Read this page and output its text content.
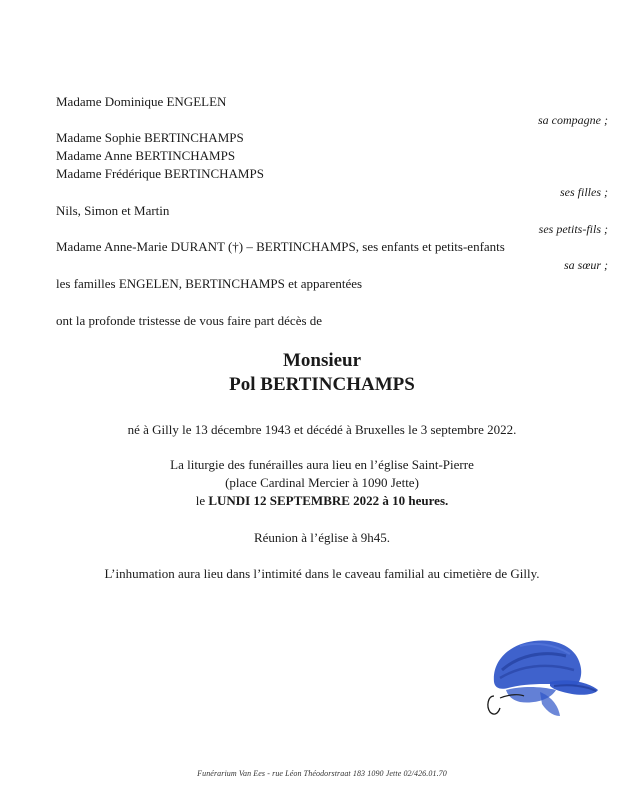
Madame Dominique ENGELEN
sa compagne ;
Madame Sophie BERTINCHAMPS
Madame Anne BERTINCHAMPS
Madame Frédérique BERTINCHAMPS
ses filles ;
Nils, Simon et Martin
ses petits-fils ;
Madame Anne-Marie DURANT (†) – BERTINCHAMPS, ses enfants et petits-enfants
sa sœur ;
les familles ENGELEN, BERTINCHAMPS et apparentées
ont la profonde tristesse de vous faire part décès de
Monsieur
Pol BERTINCHAMPS
né à Gilly le 13 décembre 1943 et décédé à Bruxelles le 3 septembre 2022.
La liturgie des funérailles aura lieu en l’église Saint-Pierre
(place Cardinal Mercier à 1090 Jette)
le LUNDI 12 SEPTEMBRE 2022 à 10 heures.
Réunion à l’église à 9h45.
L’inhumation aura lieu dans l’intimité dans le caveau familial au cimetière de Gilly.
Funérarium Van Ees - rue Léon Théodorstraat 183 1090 Jette 02/426.01.70
